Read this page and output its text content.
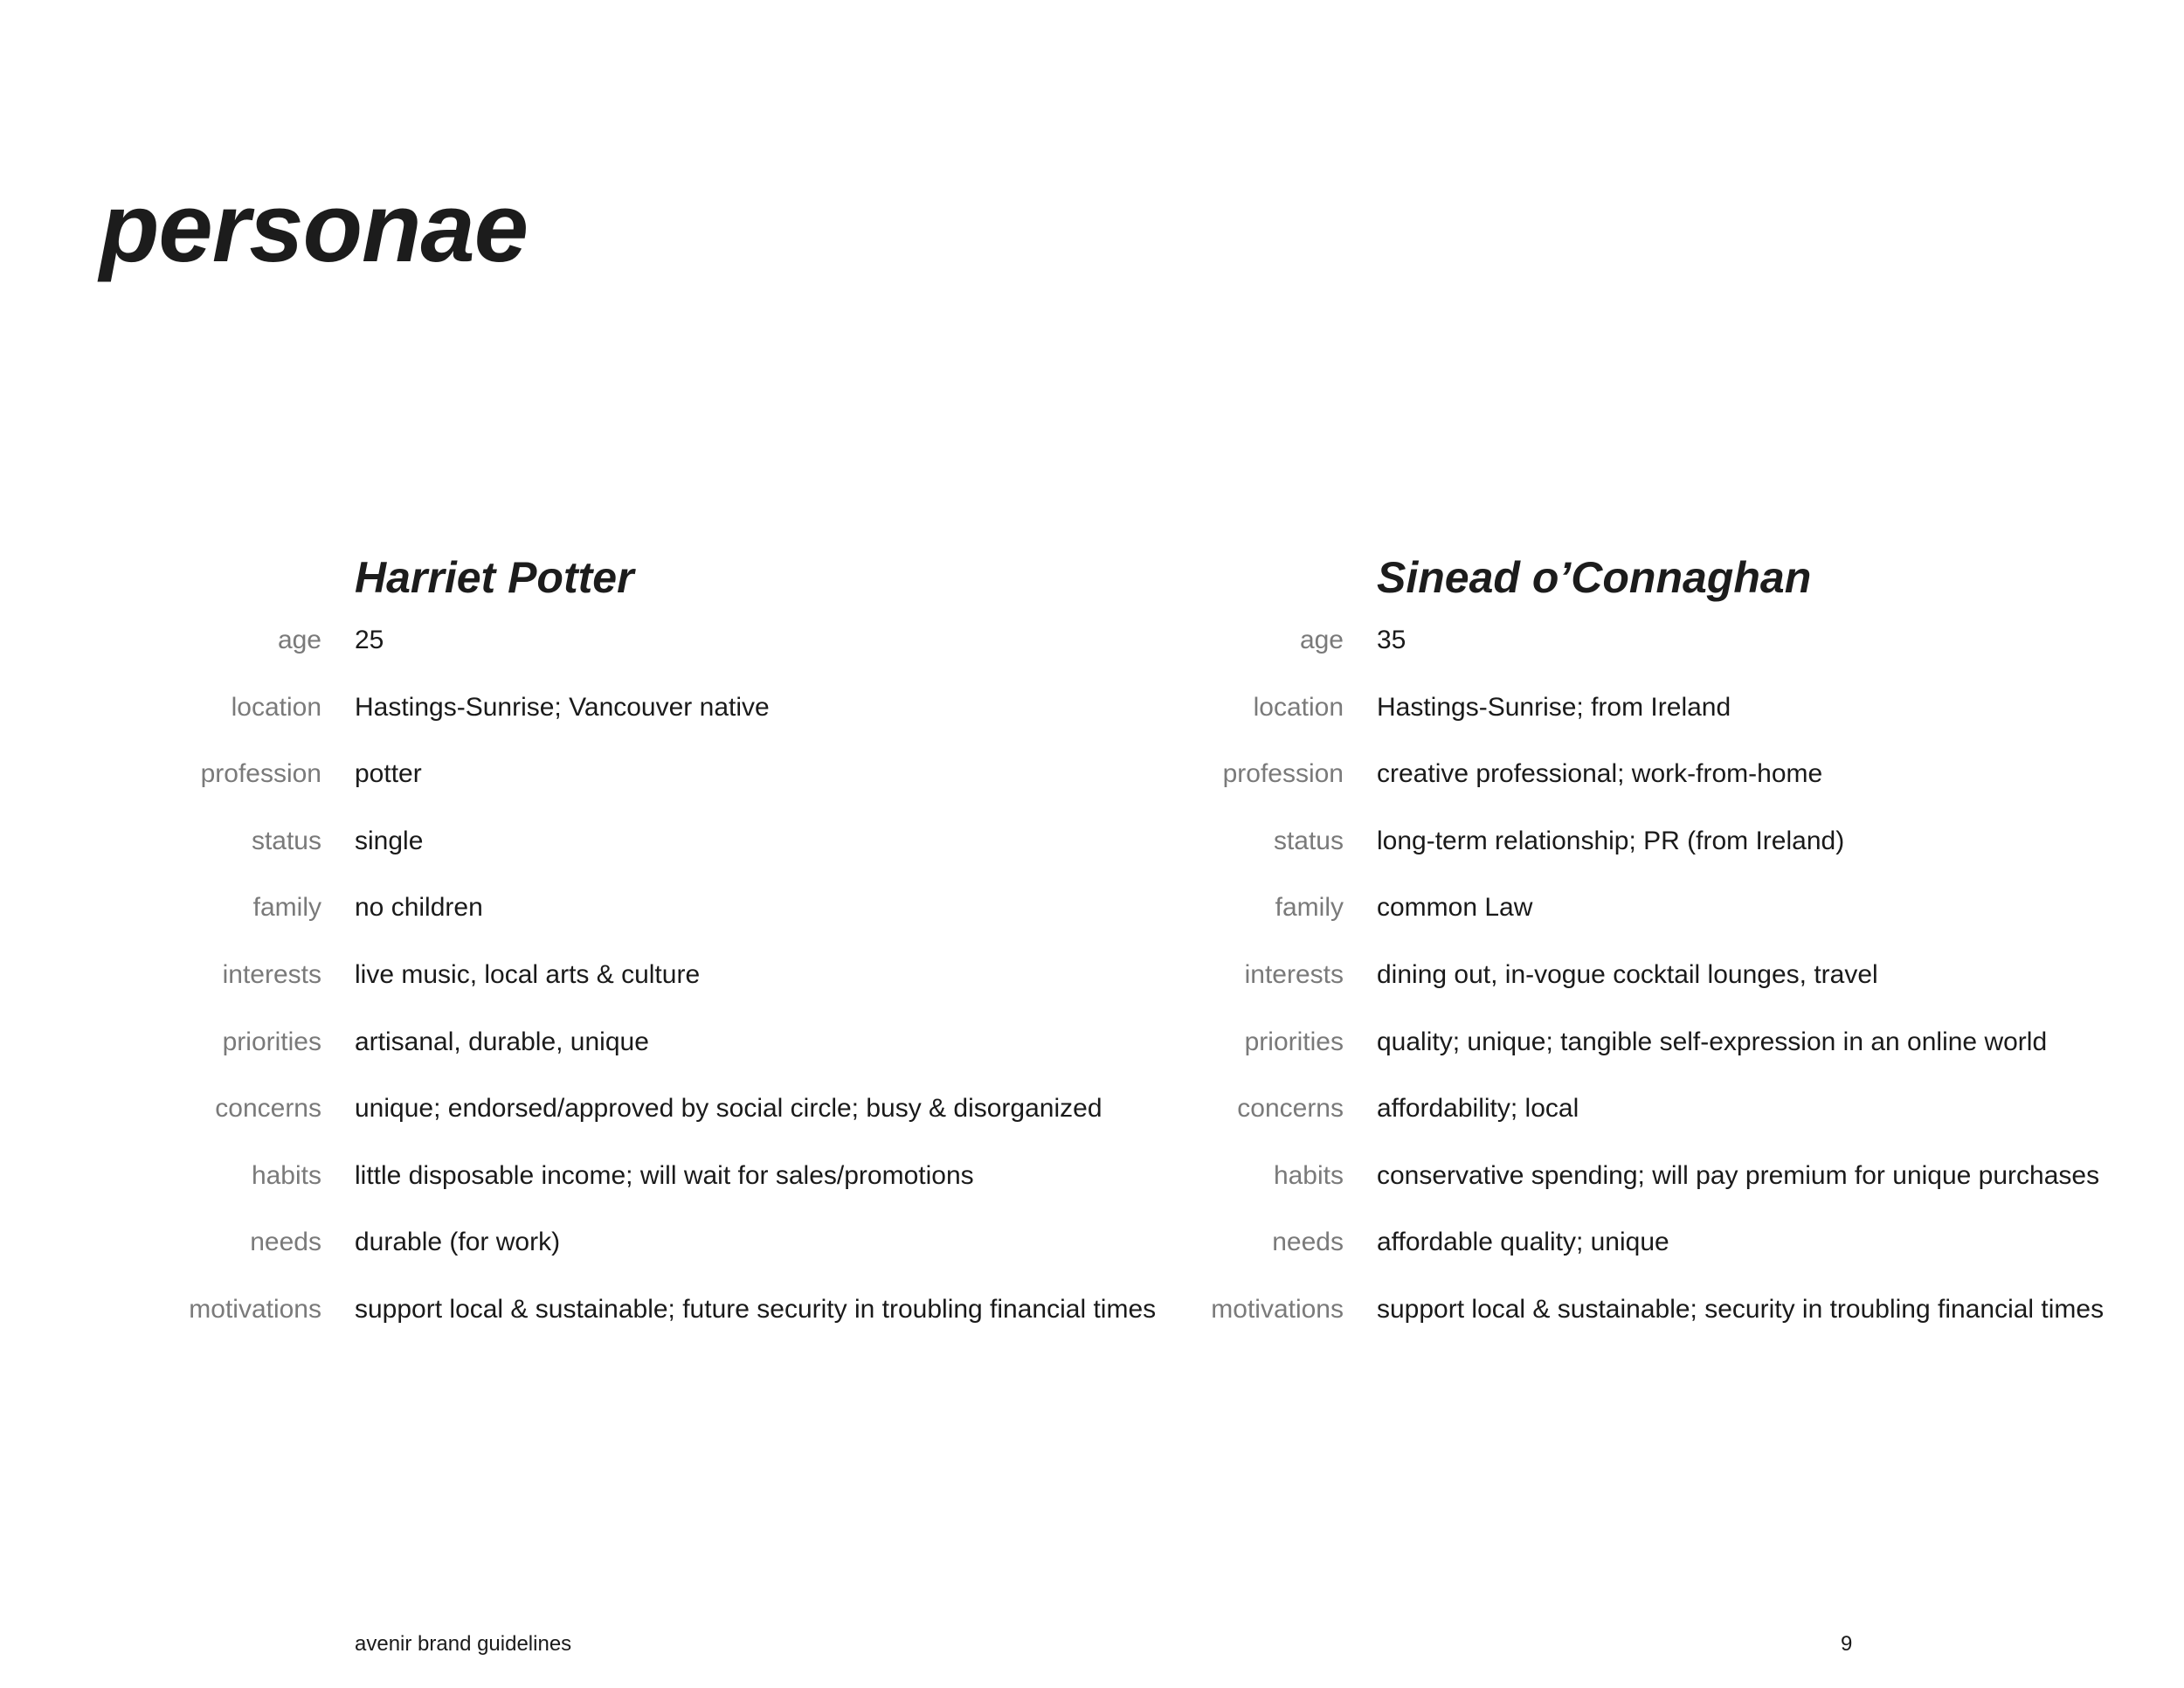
personae
Harriet Potter
age 25
location Hastings-Sunrise; Vancouver native
profession potter
status single
family no children
interests live music, local arts & culture
priorities artisanal, durable, unique
concerns unique; endorsed/approved by social circle; busy & disorganized
habits little disposable income; will wait for sales/promotions
needs durable (for work)
motivations support local & sustainable; future security in troubling financial times
Sinead o’Connaghan
age 35
location Hastings-Sunrise; from Ireland
profession creative professional; work-from-home
status long-term relationship; PR (from Ireland)
family common Law
interests dining out, in-vogue cocktail lounges, travel
priorities quality; unique; tangible self-expression in an online world
concerns affordability; local
habits conservative spending; will pay premium for unique purchases
needs affordable quality; unique
motivations support local & sustainable; security in troubling financial times
avenir brand guidelines	9
